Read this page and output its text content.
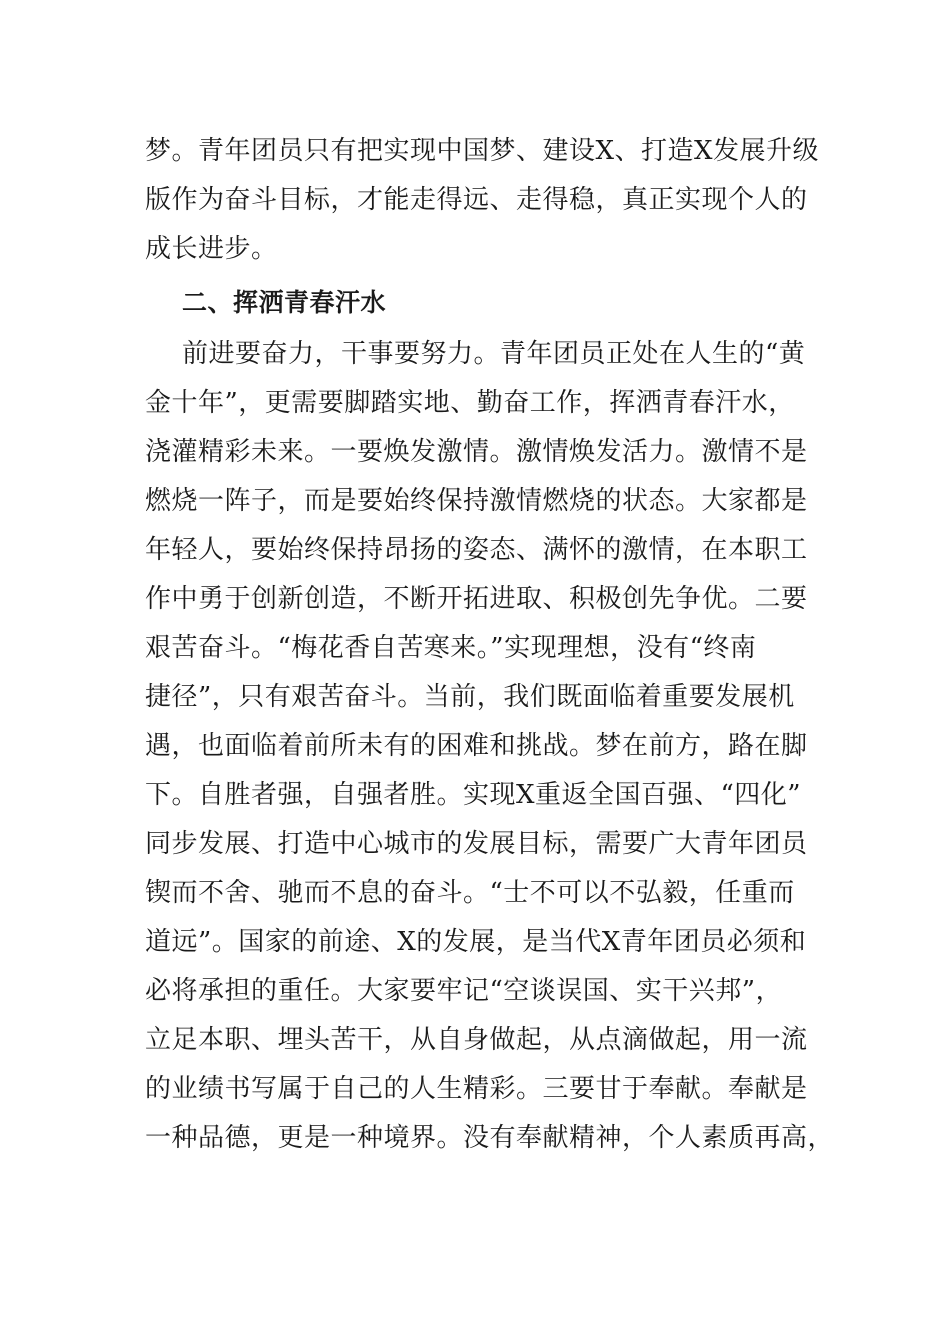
梦。青年团员只有把实现中国梦、建设X、打造X发展升级
版作为奋斗目标，才能走得远、走得稳，真正实现个人的
成长进步。
二、挥洒青春汗水
前进要奋力，干事要努力。青年团员正处在人生的“黄
金十年”，更需要脚踏实地、勤奋工作，挥洒青春汗水，
浇灌精彩未来。一要焕发激情。激情焕发活力。激情不是
燃烧一阵子，而是要始终保持激情燃烧的状态。大家都是
年轻人，要始终保持昂扬的姿态、满怀的激情，在本职工
作中勇于创新创造，不断开拓进取、积极创先争优。二要
艰苦奋斗。“梅花香自苦寒来。”实现理想，没有“终南
捷径”，只有艰苦奋斗。当前，我们既面临着重要发展机
遇，也面临着前所未有的困难和挑战。梦在前方，路在脚
下。自胜者强，自强者胜。实现X重返全国百强、“四化”
同步发展、打造中心城市的发展目标，需要广大青年团员
锲而不舍、驰而不息的奋斗。“士不可以不弘毅，任重而
道远”。国家的前途、X的发展，是当代X青年团员必须和
必将承担的重任。大家要牢记“空谈误国、实干兴邦”，
立足本职、埋头苦干，从自身做起，从点滴做起，用一流
的业绩书写属于自己的人生精彩。三要甘于奉献。奉献是
一种品德，更是一种境界。没有奉献精神，个人素质再高，
